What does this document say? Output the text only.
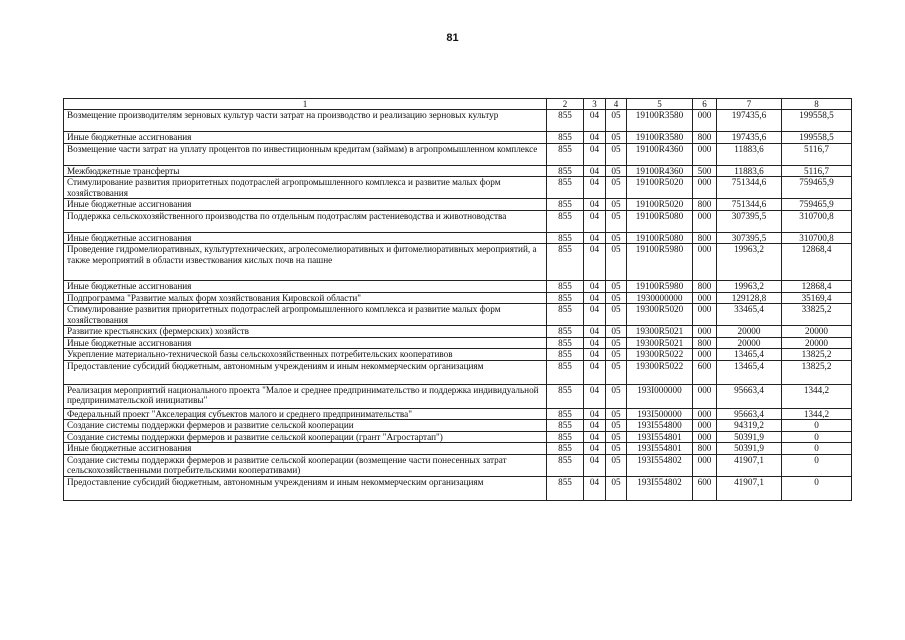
81
1	2	3	4	5	6	7	8
Возмещение производителям зерновых культур части затрат на производство и реализацию зерновых культур	855	04	05	19100R3580	000	197435,6	199558,5
Иные бюджетные ассигнования	855	04	05	19100R3580	800	197435,6	199558,5
Возмещение части затрат на уплату процентов по инвестиционным кредитам (займам) в агропромышленном комплексе	855	04	05	19100R4360	000	11883,6	5116,7
Межбюджетные трансферты	855	04	05	19100R4360	500	11883,6	5116,7
Стимулирование развития приоритетных подотраслей агропромышленного комплекса и развитие малых форм хозяйствования	855	04	05	19100R5020	000	751344,6	759465,9
Иные бюджетные ассигнования	855	04	05	19100R5020	800	751344,6	759465,9
Поддержка сельскохозяйственного производства по отдельным подотраслям растениеводства и животноводства	855	04	05	19100R5080	000	307395,5	310700,8
Иные бюджетные ассигнования	855	04	05	19100R5080	800	307395,5	310700,8
Проведение гидромелиоративных, культуртехнических, агролесомелиоративных и фитомелиоративных мероприятий, а также мероприятий в области известкования кислых почв на пашне	855	04	05	19100R5980	000	19963,2	12868,4
Иные бюджетные ассигнования	855	04	05	19100R5980	800	19963,2	12868,4
Подпрограмма "Развитие малых форм хозяйствования Кировской области"	855	04	05	1930000000	000	129128,8	35169,4
Стимулирование развития приоритетных подотраслей агропромышленного комплекса и развитие малых форм хозяйствования	855	04	05	19300R5020	000	33465,4	33825,2
Развитие крестьянских (фермерских) хозяйств	855	04	05	19300R5021	000	20000	20000
Иные бюджетные ассигнования	855	04	05	19300R5021	800	20000	20000
Укрепление материально-технической базы сельскохозяйственных потребительских кооперативов	855	04	05	19300R5022	000	13465,4	13825,2
Предоставление субсидий бюджетным, автономным учреждениям и иным некоммерческим организациям	855	04	05	19300R5022	600	13465,4	13825,2
Реализация мероприятий национального проекта "Малое и среднее предпринимательство и поддержка индивидуальной предпринимательской инициативы"	855	04	05	193I000000	000	95663,4	1344,2
Федеральный проект "Акселерация субъектов малого и среднего предпринимательства"	855	04	05	193I500000	000	95663,4	1344,2
Создание системы поддержки фермеров и развитие сельской кооперации	855	04	05	193I554800	000	94319,2	0
Создание системы поддержки фермеров и развитие сельской кооперации (грант "Агростартап")	855	04	05	193I554801	000	50391,9	0
Иные бюджетные ассигнования	855	04	05	193I554801	800	50391,9	0
Создание системы поддержки фермеров и развитие сельской кооперации (возмещение части понесенных затрат сельскохозяйственными потребительскими кооперативами)	855	04	05	193I554802	000	41907,1	0
Предоставление субсидий бюджетным, автономным учреждениям и иным некоммерческим организациям	855	04	05	193I554802	600	41907,1	0
